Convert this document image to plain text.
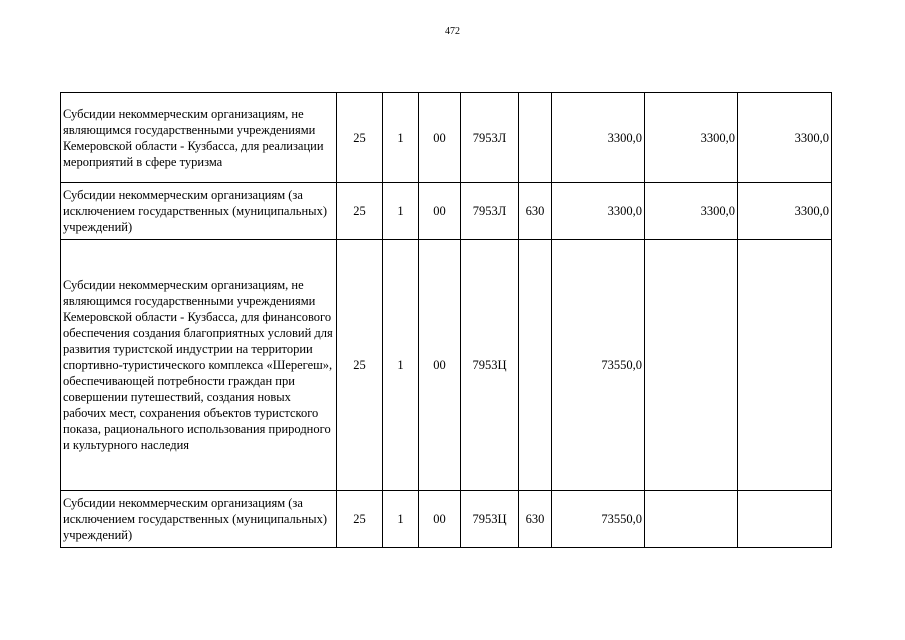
472
Субсидии некоммерческим организациям, не являющимся государственными учреждениями Кемеровской области - Кузбасса, для реализации мероприятий в сфере туризма	25	1	00	7953Л		3300,0	3300,0	3300,0
Субсидии некоммерческим организациям (за исключением государственных (муниципальных) учреждений)	25	1	00	7953Л	630	3300,0	3300,0	3300,0
Субсидии некоммерческим организациям, не являющимся государственными учреждениями Кемеровской области - Кузбасса, для финансового обеспечения создания благоприятных условий для развития туристской индустрии на территории спортивно-туристического комплекса «Шерегеш», обеспечивающей потребности граждан при совершении путешествий, создания новых рабочих мест, сохранения объектов туристского показа, рационального использования природного и культурного наследия	25	1	00	7953Ц		73550,0		
Субсидии некоммерческим организациям (за исключением государственных (муниципальных) учреждений)	25	1	00	7953Ц	630	73550,0		
